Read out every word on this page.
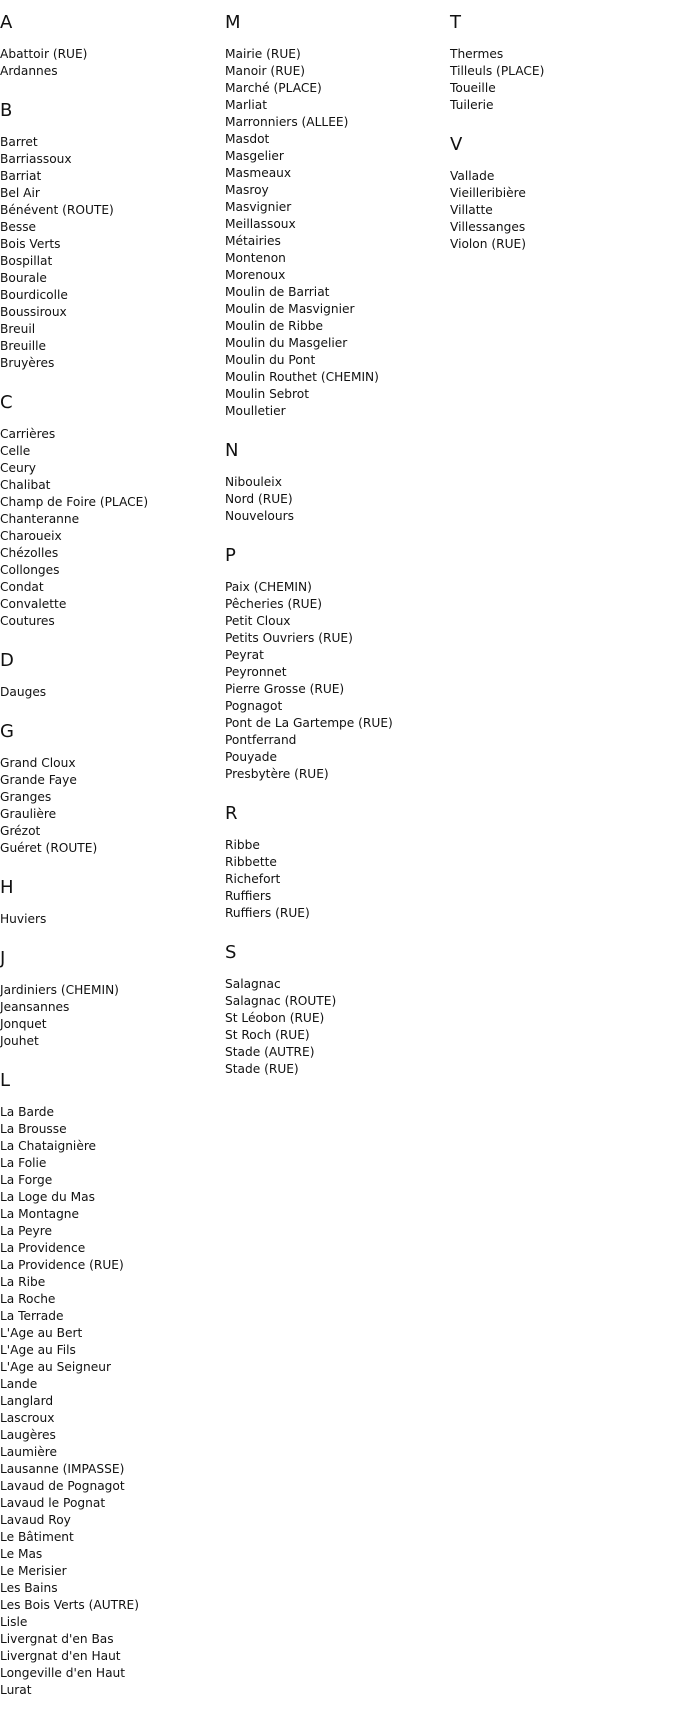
A
Abattoir (RUE)
Ardannes
B
Barret
Barriassoux
Barriat
Bel Air
Bénévent (ROUTE)
Besse
Bois Verts
Bospillat
Bourale
Bourdicolle
Boussiroux
Breuil
Breuille
Bruyères
C
Carrières
Celle
Ceury
Chalibat
Champ de Foire (PLACE)
Chanteranne
Charoueix
Chézolles
Collonges
Condat
Convalette
Coutures
D
Dauges
G
Grand Cloux
Grande Faye
Granges
Graulière
Grézot
Guéret (ROUTE)
H
Huviers
J
Jardiniers (CHEMIN)
Jeansannes
Jonquet
Jouhet
L
La Barde
La Brousse
La Chataignière
La Folie
La Forge
La Loge du Mas
La Montagne
La Peyre
La Providence
La Providence (RUE)
La Ribe
La Roche
La Terrade
L'Age au Bert
L'Age au Fils
L'Age au Seigneur
Lande
Langlard
Lascroux
Laugères
Laumière
Lausanne (IMPASSE)
Lavaud de Pognagot
Lavaud le Pognat
Lavaud Roy
Le Bâtiment
Le Mas
Le Merisier
Les Bains
Les Bois Verts (AUTRE)
Lisle
Livergnat d'en Bas
Livergnat d'en Haut
Longeville d'en Haut
Lurat
M
Mairie (RUE)
Manoir (RUE)
Marché (PLACE)
Marliat
Marronniers (ALLEE)
Masdot
Masgelier
Masmeaux
Masroy
Masvignier
Meillassoux
Métairies
Montenon
Morenoux
Moulin de Barriat
Moulin de Masvignier
Moulin de Ribbe
Moulin du Masgelier
Moulin du Pont
Moulin Routhet (CHEMIN)
Moulin Sebrot
Moulletier
N
Nibouleix
Nord (RUE)
Nouvelours
P
Paix (CHEMIN)
Pêcheries (RUE)
Petit Cloux
Petits Ouvriers (RUE)
Peyrat
Peyronnet
Pierre Grosse (RUE)
Pognagot
Pont de La Gartempe (RUE)
Pontferrand
Pouyade
Presbytère (RUE)
R
Ribbe
Ribbette
Richefort
Ruffiers
Ruffiers (RUE)
S
Salagnac
Salagnac (ROUTE)
St Léobon (RUE)
St Roch (RUE)
Stade (AUTRE)
Stade (RUE)
T
Thermes
Tilleuls (PLACE)
Toueille
Tuilerie
V
Vallade
Vieilleribière
Villatte
Villessanges
Violon (RUE)
